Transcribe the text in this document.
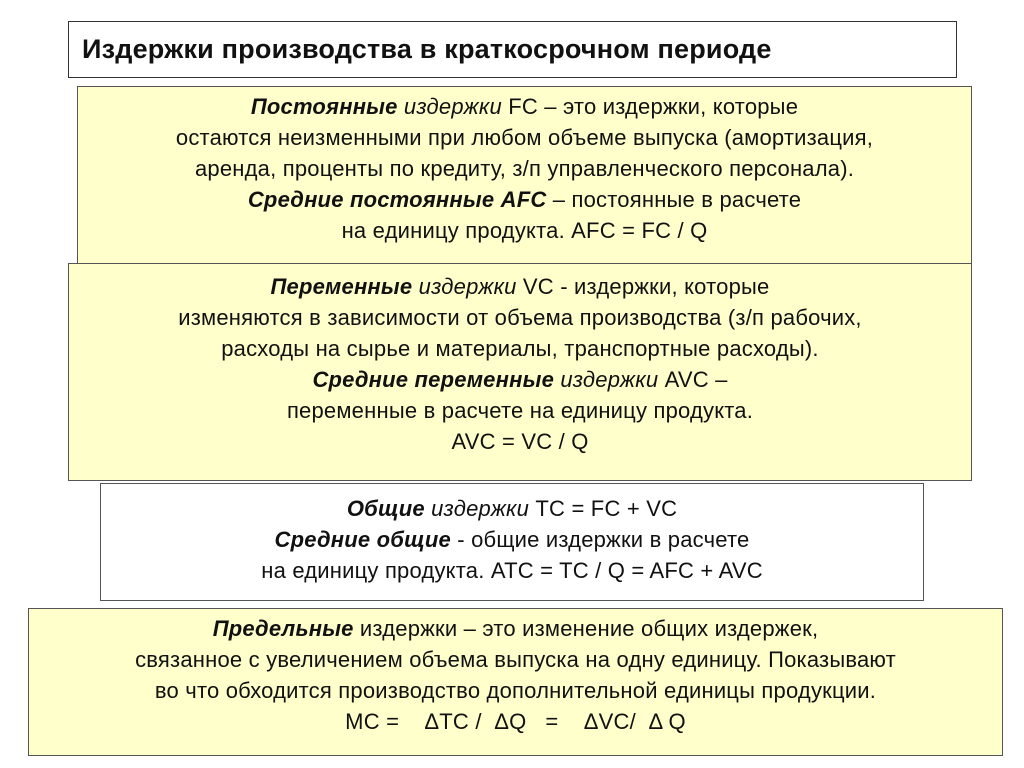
Издержки производства в краткосрочном периоде

Постоянные издержки FC – это издержки, которые

остаются неизменными при любом объеме выпуска (амортизация,

аренда, проценты по кредиту, з/п управленческого персонала).

Средние постоянные AFC – постоянные в расчете

на единицу продукта. AFC = FC / Q

Переменные издержки VC - издержки, которые

изменяются в зависимости от объема производства (з/п рабочих,

расходы на сырье и материалы, транспортные расходы).

Средние переменные издержки AVC –

переменные в расчете на единицу продукта.

AVC = VC / Q

Общие издержки TC = FC + VC

Средние общие - общие издержки в расчете

на единицу продукта. ATC = TC / Q = AFC + AVC

Предельные издержки – это изменение общих издержек,

связанное с увеличением объема выпуска на одну единицу. Показывают

во что обходится производство дополнительной единицы продукции.

MC =    ΔTC /  ΔQ   =    ΔVC/  Δ Q
